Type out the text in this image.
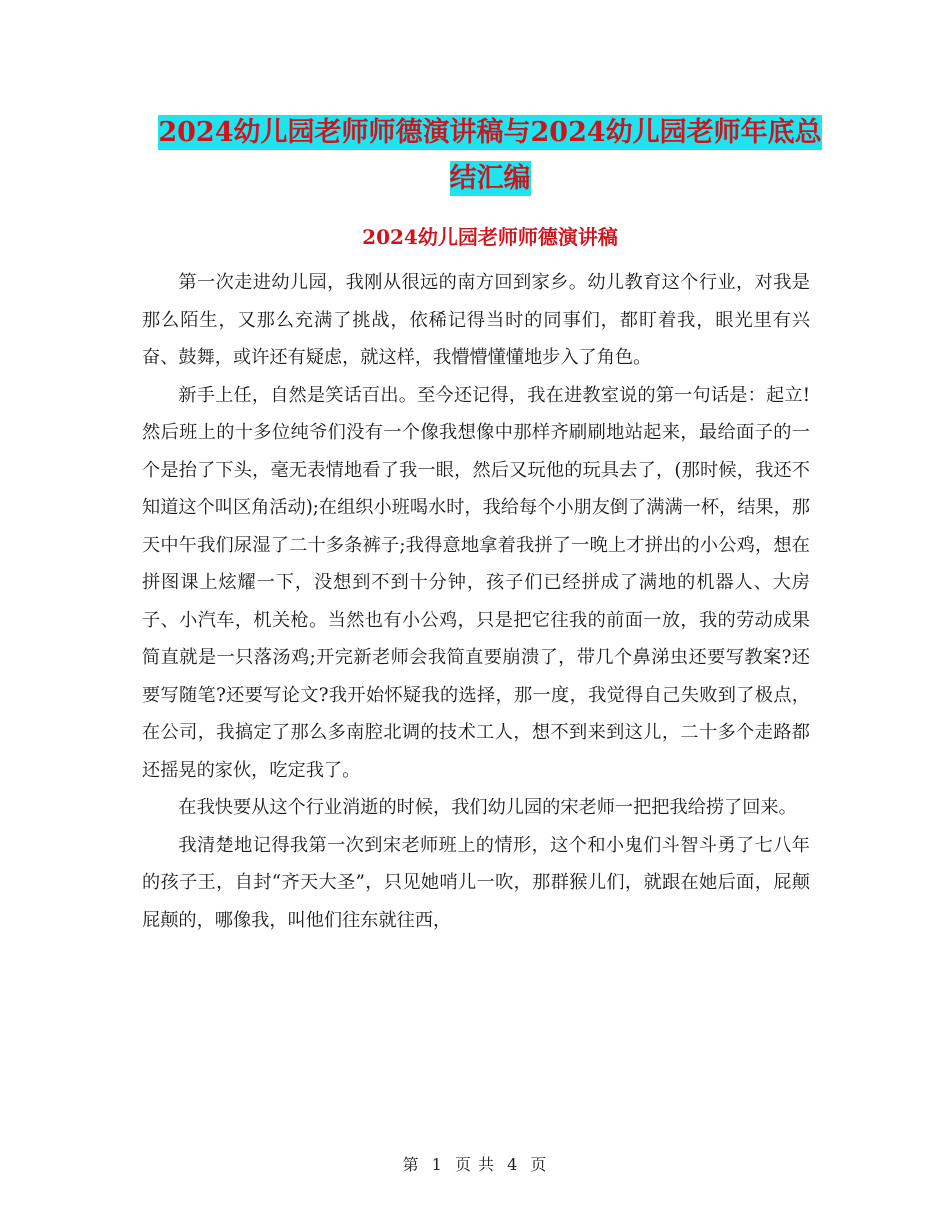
2024幼儿园老师师德演讲稿与2024幼儿园老师年底总
结汇编
2024幼儿园老师师德演讲稿

第一次走进幼儿园，我刚从很远的南方回到家乡。幼儿教育这个行业，对我是那么陌生，又那么充满了挑战，依稀记得当时的同事们，都盯着我，眼光里有兴奋、鼓舞，或许还有疑虑，就这样，我懵懵懂懂地步入了角色。

新手上任，自然是笑话百出。至今还记得，我在进教室说的第一句话是：起立!然后班上的十多位纯爷们没有一个像我想像中那样齐刷刷地站起来，最给面子的一个是抬了下头，毫无表情地看了我一眼，然后又玩他的玩具去了，(那时候，我还不知道这个叫区角活动);在组织小班喝水时，我给每个小朋友倒了满满一杯，结果，那天中午我们尿湿了二十多条裤子;我得意地拿着我拼了一晚上才拼出的小公鸡，想在拼图课上炫耀一下，没想到不到十分钟，孩子们已经拼成了满地的机器人、大房子、小汽车，机关枪。当然也有小公鸡，只是把它往我的前面一放，我的劳动成果简直就是一只落汤鸡;开完新老师会我简直要崩溃了，带几个鼻涕虫还要写教案?还要写随笔?还要写论文?我开始怀疑我的选择，那一度，我觉得自己失败到了极点，在公司，我搞定了那么多南腔北调的技术工人，想不到来到这儿，二十多个走路都还摇晃的家伙，吃定我了。

在我快要从这个行业消逝的时候，我们幼儿园的宋老师一把把我给捞了回来。

我清楚地记得我第一次到宋老师班上的情形，这个和小鬼们斗智斗勇了七八年的孩子王，自封“齐天大圣”，只见她哨儿一吹，那群猴儿们，就跟在她后面，屁颠屁颠的，哪像我，叫他们往东就往西，

第 1 页 共 4 页
